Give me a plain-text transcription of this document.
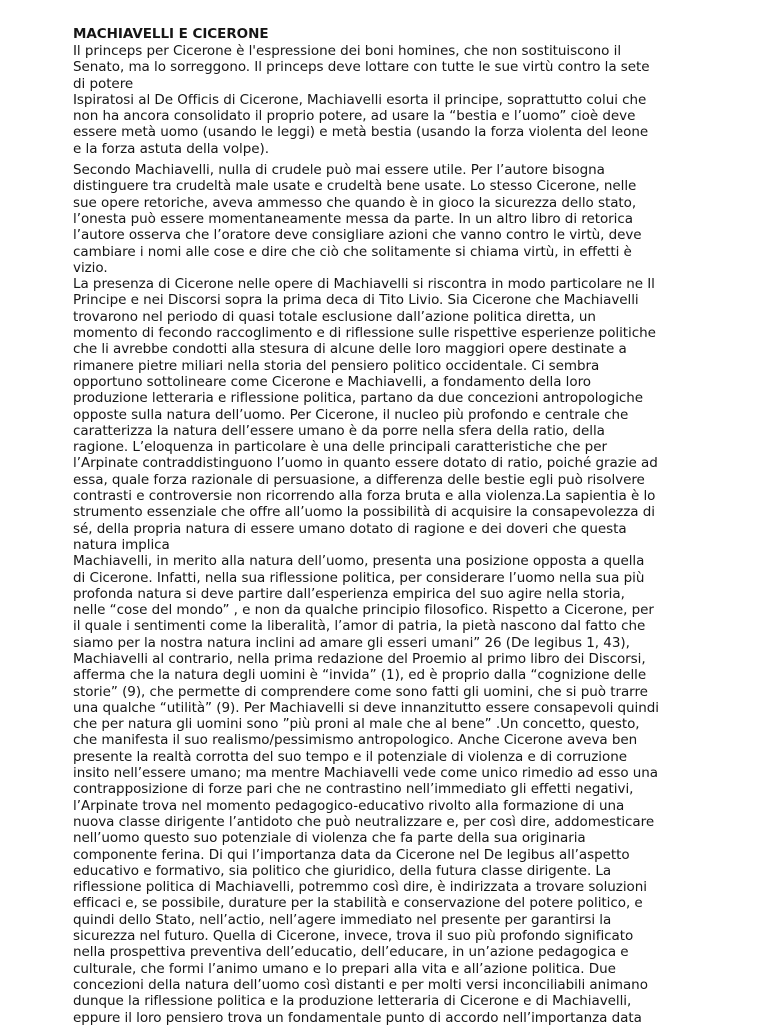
MACHIAVELLI E CICERONE

Il princeps per Cicerone è l'espressione dei boni homines, che non sostituiscono il
Senato, ma lo sorreggono. Il princeps deve lottare con tutte le sue virtù contro la sete
di potere
Ispiratosi al De Officis di Cicerone, Machiavelli esorta il principe, soprattutto colui che
non ha ancora consolidato il proprio potere, ad usare la “bestia e l’uomo” cioè deve
essere metà uomo (usando le leggi) e metà bestia (usando la forza violenta del leone
e la forza astuta della volpe).

Secondo Machiavelli, nulla di crudele può mai essere utile. Per l’autore bisogna
distinguere tra crudeltà male usate e crudeltà bene usate. Lo stesso Cicerone, nelle
sue opere retoriche, aveva ammesso che quando è in gioco la sicurezza dello stato,
l’onesta può essere momentaneamente messa da parte. In un altro libro di retorica
l’autore osserva che l’oratore deve consigliare azioni che vanno contro le virtù, deve
cambiare i nomi alle cose e dire che ciò che solitamente si chiama virtù, in effetti è
vizio.
La presenza di Cicerone nelle opere di Machiavelli si riscontra in modo particolare ne Il
Principe e nei Discorsi sopra la prima deca di Tito Livio. Sia Cicerone che Machiavelli
trovarono nel periodo di quasi totale esclusione dall’azione politica diretta, un
momento di fecondo raccoglimento e di riflessione sulle rispettive esperienze politiche
che li avrebbe condotti alla stesura di alcune delle loro maggiori opere destinate a
rimanere pietre miliari nella storia del pensiero politico occidentale. Ci sembra
opportuno sottolineare come Cicerone e Machiavelli, a fondamento della loro
produzione letteraria e riflessione politica, partano da due concezioni antropologiche
opposte sulla natura dell’uomo. Per Cicerone, il nucleo più profondo e centrale che
caratterizza la natura dell’essere umano è da porre nella sfera della ratio, della
ragione. L’eloquenza in particolare è una delle principali caratteristiche che per
l’Arpinate contraddistinguono l’uomo in quanto essere dotato di ratio, poiché grazie ad
essa, quale forza razionale di persuasione, a differenza delle bestie egli può risolvere
contrasti e controversie non ricorrendo alla forza bruta e alla violenza.La sapientia è lo
strumento essenziale che offre all’uomo la possibilità di acquisire la consapevolezza di
sé, della propria natura di essere umano dotato di ragione e dei doveri che questa
natura implica
Machiavelli, in merito alla natura dell’uomo, presenta una posizione opposta a quella
di Cicerone. Infatti, nella sua riflessione politica, per considerare l’uomo nella sua più
profonda natura si deve partire dall’esperienza empirica del suo agire nella storia,
nelle “cose del mondo” , e non da qualche principio filosofico. Rispetto a Cicerone, per
il quale i sentimenti come la liberalità, l’amor di patria, la pietà nascono dal fatto che
siamo per la nostra natura inclini ad amare gli esseri umani” 26 (De legibus 1, 43),
Machiavelli al contrario, nella prima redazione del Proemio al primo libro dei Discorsi,
afferma che la natura degli uomini è “invida” (1), ed è proprio dalla “cognizione delle
storie” (9), che permette di comprendere come sono fatti gli uomini, che si può trarre
una qualche “utilità” (9). Per Machiavelli si deve innanzitutto essere consapevoli quindi
che per natura gli uomini sono ”più proni al male che al bene” .Un concetto, questo,
che manifesta il suo realismo/pessimismo antropologico. Anche Cicerone aveva ben
presente la realtà corrotta del suo tempo e il potenziale di violenza e di corruzione
insito nell’essere umano; ma mentre Machiavelli vede come unico rimedio ad esso una
contrapposizione di forze pari che ne contrastino nell’immediato gli effetti negativi,
l’Arpinate trova nel momento pedagogico-educativo rivolto alla formazione di una
nuova classe dirigente l’antidoto che può neutralizzare e, per così dire, addomesticare
nell’uomo questo suo potenziale di violenza che fa parte della sua originaria
componente ferina. Di qui l’importanza data da Cicerone nel De legibus all’aspetto
educativo e formativo, sia politico che giuridico, della futura classe dirigente. La
riflessione politica di Machiavelli, potremmo così dire, è indirizzata a trovare soluzioni
efficaci e, se possibile, durature per la stabilità e conservazione del potere politico, e
quindi dello Stato, nell’actio, nell’agere immediato nel presente per garantirsi la
sicurezza nel futuro. Quella di Cicerone, invece, trova il suo più profondo significato
nella prospettiva preventiva dell’educatio, dell’educare, in un’azione pedagogica e
culturale, che formi l’animo umano e lo prepari alla vita e all’azione politica. Due
concezioni della natura dell’uomo così distanti e per molti versi inconciliabili animano
dunque la riflessione politica e la produzione letteraria di Cicerone e di Machiavelli,
eppure il loro pensiero trova un fondamentale punto di accordo nell’importanza data
